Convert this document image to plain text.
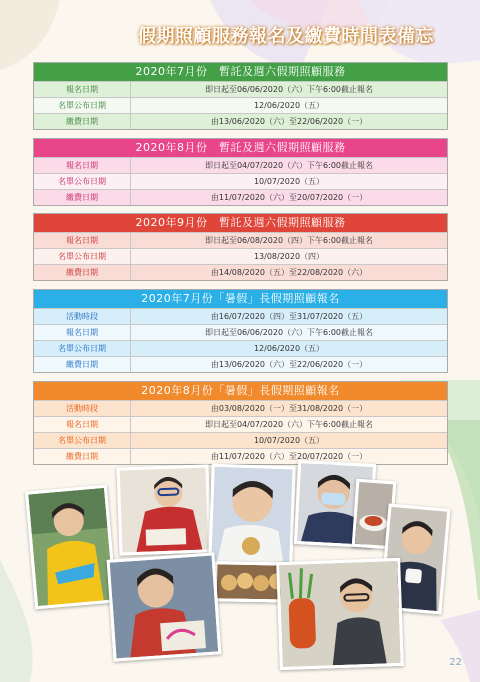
假期照顧服務報名及繳費時間表備忘
2020年7月份　暫託及週六假期照顧服務
報名日期	即日起至06/06/2020（六）下午6:00截止報名
名單公布日期	12/06/2020（五）
繳費日期	由13/06/2020（六）至22/06/2020（一）
2020年8月份　暫託及週六假期照顧服務
報名日期	即日起至04/07/2020（六）下午6:00截止報名
名單公布日期	10/07/2020（五）
繳費日期	由11/07/2020（六）至20/07/2020（一）
2020年9月份　暫託及週六假期照顧服務
報名日期	即日起至06/08/2020（四）下午6:00截止報名
名單公布日期	13/08/2020（四）
繳費日期	由14/08/2020（五）至22/08/2020（六）
2020年7月份「暑假」長假期照顧報名
活動時段	由16/07/2020（四）至31/07/2020（五）
報名日期	即日起至06/06/2020（六）下午6:00截止報名
名單公布日期	12/06/2020（五）
繳費日期	由13/06/2020（六）至22/06/2020（一）
2020年8月份「暑假」長假期照顧報名
活動時段	由03/08/2020（一）至31/08/2020（一）
報名日期	即日起至04/07/2020（六）下午6:00截止報名
名單公布日期	10/07/2020（五）
繳費日期	由11/07/2020（六）至20/07/2020（一）
22
